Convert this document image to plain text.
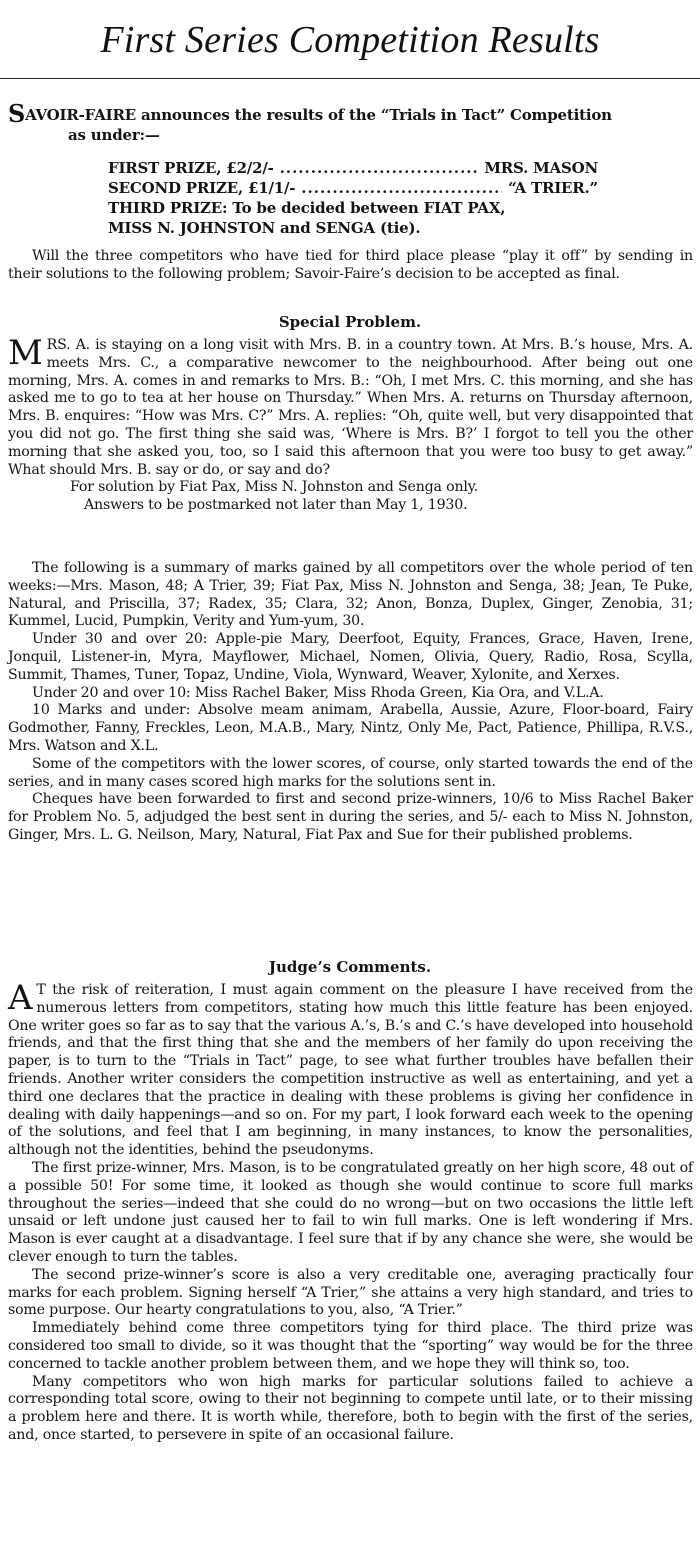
First Series Competition Results
SAVOIR-FAIRE announces the results of the “Trials in Tact” Competition
as under:—
FIRST PRIZE, £2/2/- .....	MRS. MASON
SECOND PRIZE, £1/1/- .....	“A TRIER.”
THIRD PRIZE: To be decided between FIAT PAX,
MISS N. JOHNSTON and SENGA (tie).

Will the three competitors who have tied for third place please “play it off” by sending in their solutions to the following problem; Savoir-Faire’s decision to be accepted as final.

Special Problem.

MRS. A. is staying on a long visit with Mrs. B. in a country town. At Mrs. B.’s house, Mrs. A. meets Mrs. C., a comparative newcomer to the neighbourhood. After being out one morning, Mrs. A. comes in and remarks to Mrs. B.: “Oh, I met Mrs. C. this morning, and she has asked me to go to tea at her house on Thursday.” When Mrs. A. returns on Thursday afternoon, Mrs. B. enquires: “How was Mrs. C?” Mrs. A. replies: “Oh, quite well, but very disappointed that you did not go. The first thing she said was, ‘Where is Mrs. B?’ I forgot to tell you the other morning that she asked you, too, so I said this afternoon that you were too busy to get away.” What should Mrs. B. say or do, or say and do?

For solution by Fiat Pax, Miss N. Johnston and Senga only.

Answers to be postmarked not later than May 1, 1930.

The following is a summary of marks gained by all competitors over the whole period of ten weeks:—Mrs. Mason, 48; A Trier, 39; Fiat Pax, Miss N. Johnston and Senga, 38; Jean, Te Puke, Natural, and Priscilla, 37; Radex, 35; Clara, 32; Anon, Bonza, Duplex, Ginger, Zenobia, 31; Kummel, Lucid, Pumpkin, Verity and Yum-yum, 30.

Under 30 and over 20: Apple-pie Mary, Deerfoot, Equity, Frances, Grace, Haven, Irene, Jonquil, Listener-in, Myra, Mayflower, Michael, Nomen, Olivia, Query, Radio, Rosa, Scylla, Summit, Thames, Tuner, Topaz, Undine, Viola, Wynward, Weaver, Xylonite, and Xerxes.

Under 20 and over 10: Miss Rachel Baker, Miss Rhoda Green, Kia Ora, and V.L.A.

10 Marks and under: Absolve meam animam, Arabella, Aussie, Azure, Floor-board, Fairy Godmother, Fanny, Freckles, Leon, M.A.B., Mary, Nintz, Only Me, Pact, Patience, Phillipa, R.V.S., Mrs. Watson and X.L.

Some of the competitors with the lower scores, of course, only started towards the end of the series, and in many cases scored high marks for the solutions sent in.

Cheques have been forwarded to first and second prize-winners, 10/6 to Miss Rachel Baker for Problem No. 5, adjudged the best sent in during the series, and 5/- each to Miss N. Johnston, Ginger, Mrs. L. G. Neilson, Mary, Natural, Fiat Pax and Sue for their published problems.

Judge’s Comments.

A T the risk of reiteration, I must again comment on the pleasure I have received from the numerous letters from competitors, stating how much this little feature has been enjoyed. One writer goes so far as to say that the various A.’s, B.’s and C.’s have developed into household friends, and that the first thing that she and the members of her family do upon receiving the paper, is to turn to the “Trials in Tact” page, to see what further troubles have befallen their friends. Another writer considers the competition instructive as well as entertaining, and yet a third one declares that the practice in dealing with these problems is giving her confidence in dealing with daily happenings—and so on. For my part, I look forward each week to the opening of the solutions, and feel that I am beginning, in many instances, to know the personalities, although not the identities, behind the pseudonyms.

The first prize-winner, Mrs. Mason, is to be congratulated greatly on her high score, 48 out of a possible 50! For some time, it looked as though she would continue to score full marks throughout the series—indeed that she could do no wrong—but on two occasions the little left unsaid or left undone just caused her to fail to win full marks. One is left wondering if Mrs. Mason is ever caught at a disadvantage. I feel sure that if by any chance she were, she would be clever enough to turn the tables.

The second prize-winner’s score is also a very creditable one, averaging practically four marks for each problem. Signing herself “A Trier,” she attains a very high standard, and tries to some purpose. Our hearty congratulations to you, also, “A Trier.”

Immediately behind come three competitors tying for third place. The third prize was considered too small to divide, so it was thought that the “sporting” way would be for the three concerned to tackle another problem between them, and we hope they will think so, too.

Many competitors who won high marks for particular solutions failed to achieve a corresponding total score, owing to their not beginning to compete until late, or to their missing a problem here and there. It is worth while, therefore, both to begin with the first of the series, and, once started, to persevere in spite of an occasional failure.
